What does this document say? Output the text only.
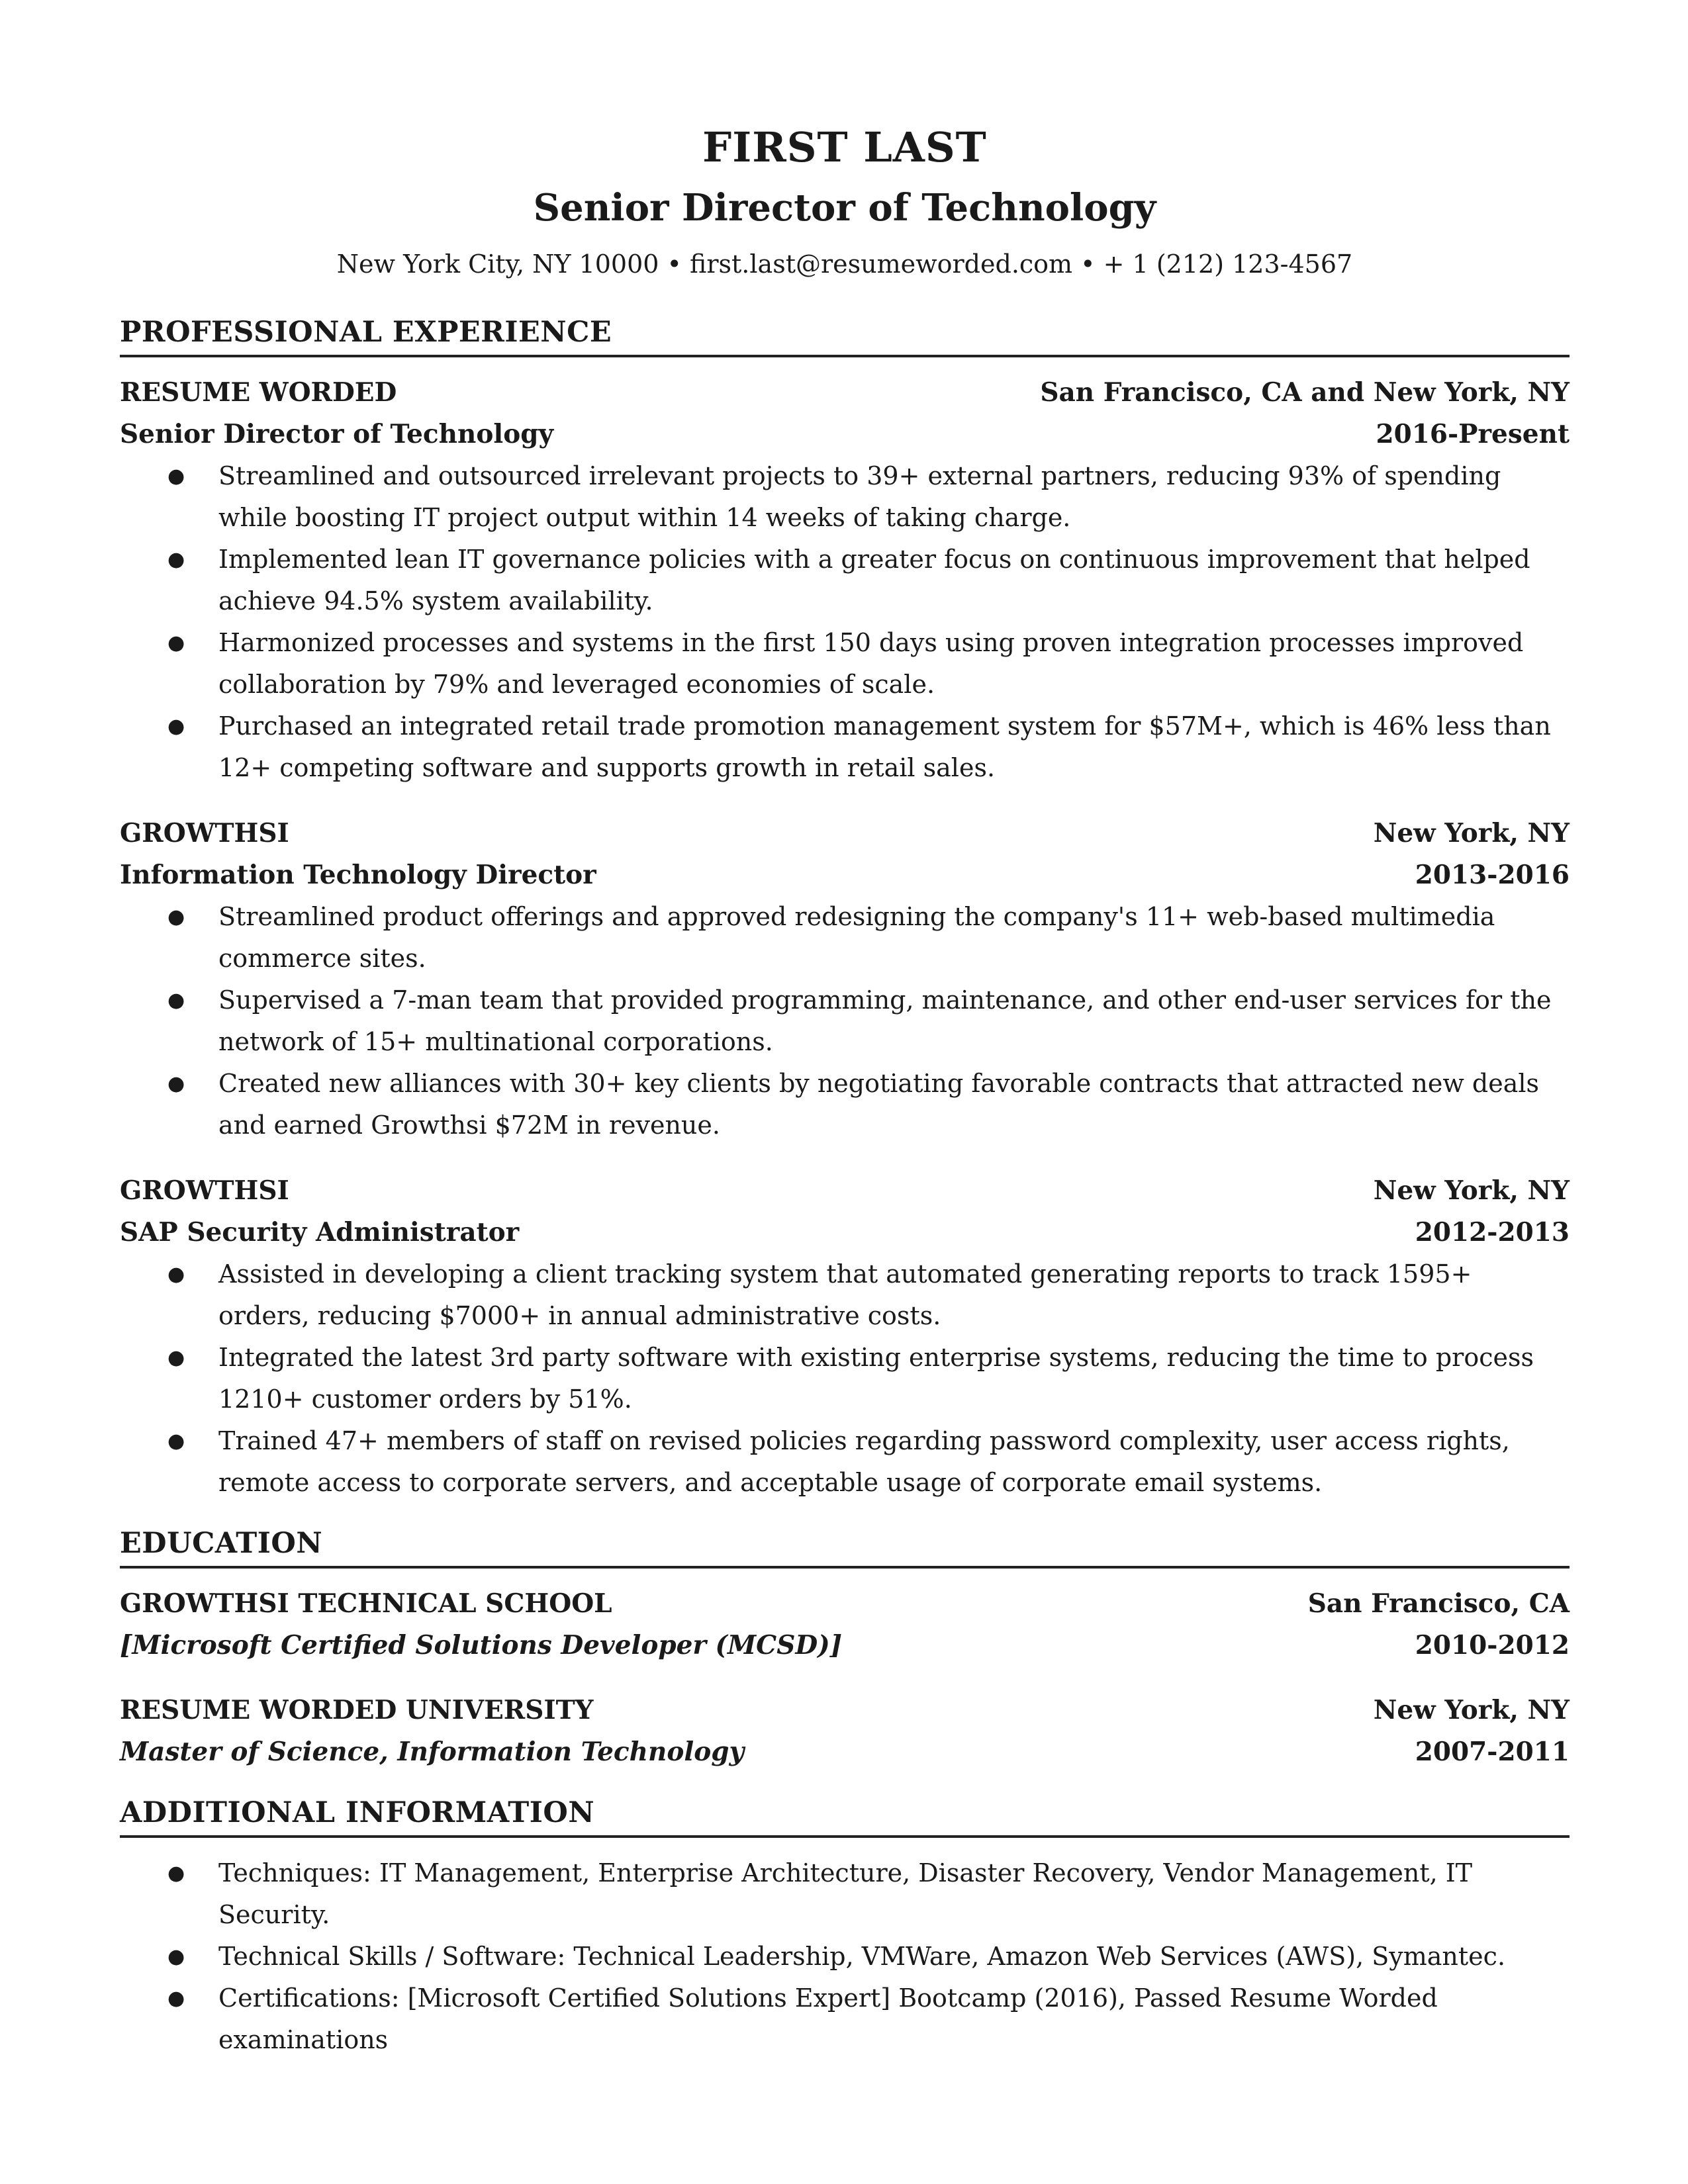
FIRST LAST
Senior Director of Technology
New York City, NY 10000 • first.last@resumeworded.com • + 1 (212) 123-4567
PROFESSIONAL EXPERIENCE
RESUME WORDED	San Francisco, CA and New York, NY
Senior Director of Technology	2016-Present
● Streamlined and outsourced irrelevant projects to 39+ external partners, reducing 93% of spending while boosting IT project output within 14 weeks of taking charge.
● Implemented lean IT governance policies with a greater focus on continuous improvement that helped achieve 94.5% system availability.
● Harmonized processes and systems in the first 150 days using proven integration processes improved collaboration by 79% and leveraged economies of scale.
● Purchased an integrated retail trade promotion management system for $57M+, which is 46% less than 12+ competing software and supports growth in retail sales.
GROWTHSI	New York, NY
Information Technology Director	2013-2016
● Streamlined product offerings and approved redesigning the company's 11+ web-based multimedia commerce sites.
● Supervised a 7-man team that provided programming, maintenance, and other end-user services for the network of 15+ multinational corporations.
● Created new alliances with 30+ key clients by negotiating favorable contracts that attracted new deals and earned Growthsi $72M in revenue.
GROWTHSI	New York, NY
SAP Security Administrator	2012-2013
● Assisted in developing a client tracking system that automated generating reports to track 1595+ orders, reducing $7000+ in annual administrative costs.
● Integrated the latest 3rd party software with existing enterprise systems, reducing the time to process 1210+ customer orders by 51%.
● Trained 47+ members of staff on revised policies regarding password complexity, user access rights, remote access to corporate servers, and acceptable usage of corporate email systems.
EDUCATION
GROWTHSI TECHNICAL SCHOOL	San Francisco, CA
[Microsoft Certified Solutions Developer (MCSD)]	2010-2012
RESUME WORDED UNIVERSITY	New York, NY
Master of Science, Information Technology	2007-2011
ADDITIONAL INFORMATION
● Techniques: IT Management, Enterprise Architecture, Disaster Recovery, Vendor Management, IT Security.
● Technical Skills / Software: Technical Leadership, VMWare, Amazon Web Services (AWS), Symantec.
● Certifications: [Microsoft Certified Solutions Expert] Bootcamp (2016), Passed Resume Worded examinations
